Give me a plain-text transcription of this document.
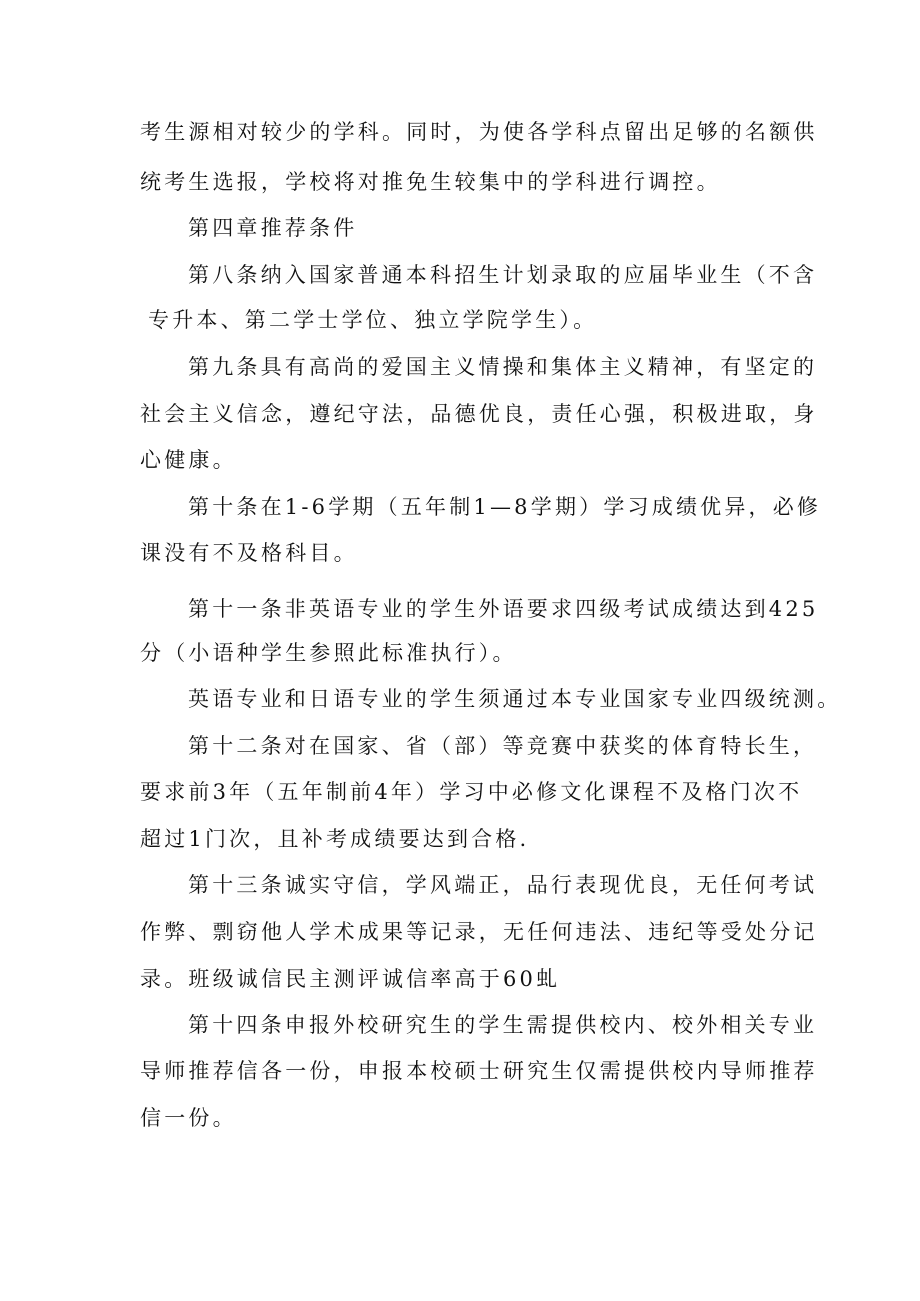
考生源相对较少的学科。同时，为使各学科点留出足够的名额供

统考生选报，学校将对推免生较集中的学科进行调控。

第四章推荐条件

第八条纳入国家普通本科招生计划录取的应届毕业生（不含

专升本、第二学士学位、独立学院学生）。

第九条具有高尚的爱国主义情操和集体主义精神，有坚定的

社会主义信念，遵纪守法，品德优良，责任心强，积极进取，身

心健康。

第十条在1-6学期（五年制1—8学期）学习成绩优异，必修

课没有不及格科目。

第十一条非英语专业的学生外语要求四级考试成绩达到425

分（小语种学生参照此标准执行）。

英语专业和日语专业的学生须通过本专业国家专业四级统测。

第十二条对在国家、省（部）等竞赛中获奖的体育特长生，

要求前3年（五年制前4年）学习中必修文化课程不及格门次不

超过1门次，且补考成绩要达到合格.

第十三条诚实守信，学风端正，品行表现优良，无任何考试

作弊、剽窃他人学术成果等记录，无任何违法、违纪等受处分记

录。班级诚信民主测评诚信率高于60虬

第十四条申报外校研究生的学生需提供校内、校外相关专业

导师推荐信各一份，申报本校硕士研究生仅需提供校内导师推荐

信一份。
